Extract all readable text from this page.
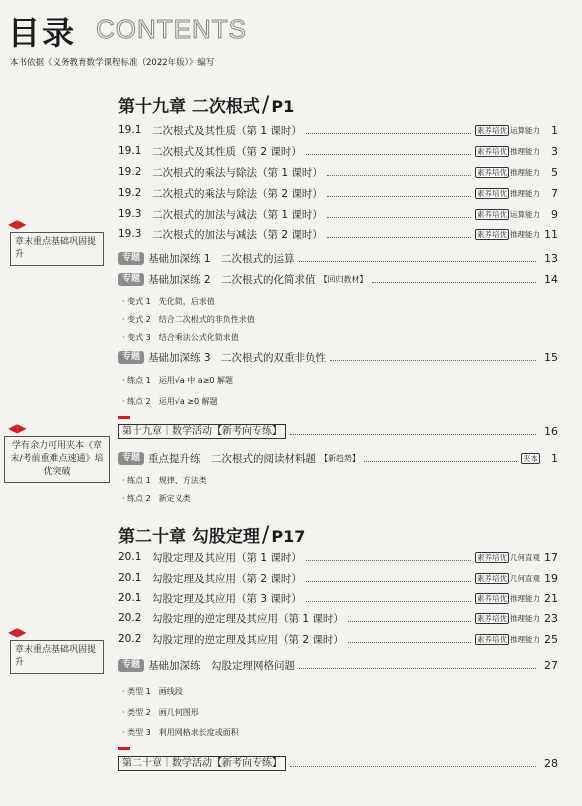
目录 CONTENTS
本书依据《义务教育数学课程标准（2022年版）》编写
第十九章 二次根式/ P1
19.1	二次根式及其性质（第 1 课时）	素养培优 运算能力	1
19.1	二次根式及其性质（第 2 课时）	素养培优 推理能力	3
19.2	二次根式的乘法与除法（第 1 课时）	素养培优 推理能力	5
19.2	二次根式的乘法与除法（第 2 课时）	素养培优 推理能力	7
19.3	二次根式的加法与减法（第 1 课时）	素养培优 运算能力	9
19.3	二次根式的加法与减法（第 2 课时）	素养培优 推理能力 11
专题 基础加深练 1　二次根式的运算	13
专题 基础加深练 2　二次根式的化简求值 【回归教材】	14
· 变式 1　先化简，后求值
· 变式 2　结合二次根式的非负性求值
· 变式 3　结合乘法公式化简求值
专题 基础加深练 3　二次根式的双重非负性	15
· 练点 1　运用√a 中 a≥0 解题
· 练点 2　运用√a ≥0 解题
第十九章｜数学活动【新考向专练】	16
专题 重点提升练　二次根式的阅读材料题 【新趋势】	夹本	1
· 练点 1　规律、方法类
· 练点 2　新定义类
第二十章 勾股定理/ P17
20.1	勾股定理及其应用（第 1 课时）	素养培优 几何直观 17
20.1	勾股定理及其应用（第 2 课时）	素养培优 几何直观 19
20.1	勾股定理及其应用（第 3 课时）	素养培优 推理能力 21
20.2	勾股定理的逆定理及其应用（第 1 课时）	素养培优 推理能力 23
20.2	勾股定理的逆定理及其应用（第 2 课时）	素养培优 推理能力 25
专题 基础加深练　勾股定理网格问题	27
· 类型 1　画线段
· 类型 2　画几何图形
· 类型 3　利用网格求长度或面积
第二十章｜数学活动【新考向专练】	28
◀▶
章末重点基础巩固提升
◀▶
学有余力可用夹本《章末/考前重难点速通》培优突破
◀▶
章末重点基础巩固提升
